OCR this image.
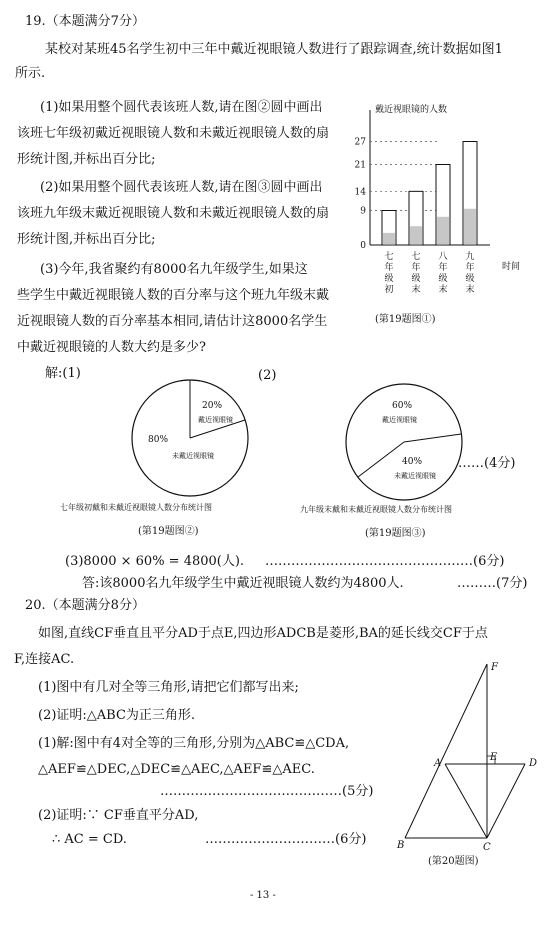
19.（本题满分7分）
某校对某班45名学生初中三年中戴近视眼镜人数进行了跟踪调查,统计数据如图1
所示.
(1)如果用整个圆代表该班人数,请在图②圆中画出
该班七年级初戴近视眼镜人数和未戴近视眼镜人数的扇
形统计图,并标出百分比;
(2)如果用整个圆代表该班人数,请在图③圆中画出
该班九年级末戴近视眼镜人数和未戴近视眼镜人数的扇
形统计图,并标出百分比;
(3)今年,我省聚约有8000名九年级学生,如果这
些学生中戴近视眼镜人数的百分率与这个班九年级末戴
近视眼镜人数的百分率基本相同,请估计这8000名学生
中戴近视眼镜的人数大约是多少?
戴近视眼镜的人数
时间
0
9
14
21
27
七
年
级
初
七
年
级
末
八
年
级
末
九
年
级
末
(第19题图①)
解:(1)	(2)
20%
戴近视眼镜
80%
未戴近视眼镜
60%
戴近视眼镜
40%
未戴近视眼镜
……(4分)
七年级初戴和未戴近视眼镜人数分布统计图	九年级末戴和未戴近视眼镜人数分布统计图
(第19题图②)	(第19题图③)
(3)8000 × 60% = 4800(人). …………………………………………(6分)
答:该8000名九年级学生中戴近视眼镜人数约为4800人.	………(7分)
20.（本题满分8分）
如图,直线CF垂直且平分AD于点E,四边形ADCB是菱形,BA的延长线交CF于点
F,连接AC.
(1)图中有几对全等三角形,请把它们都写出来;
(2)证明:△ABC为正三角形.
(1)解:图中有4对全等的三角形,分别为△ABC≌△CDA,
△AEF≌△DEC,△DEC≌△AEC,△AEF≌△AEC.
……………………………………(5分)
(2)证明:∵ CF垂直平分AD,
∴ AC = CD.	…………………………(6分)
F
A
E
D
B	C
(第20题图)
- 13 -
